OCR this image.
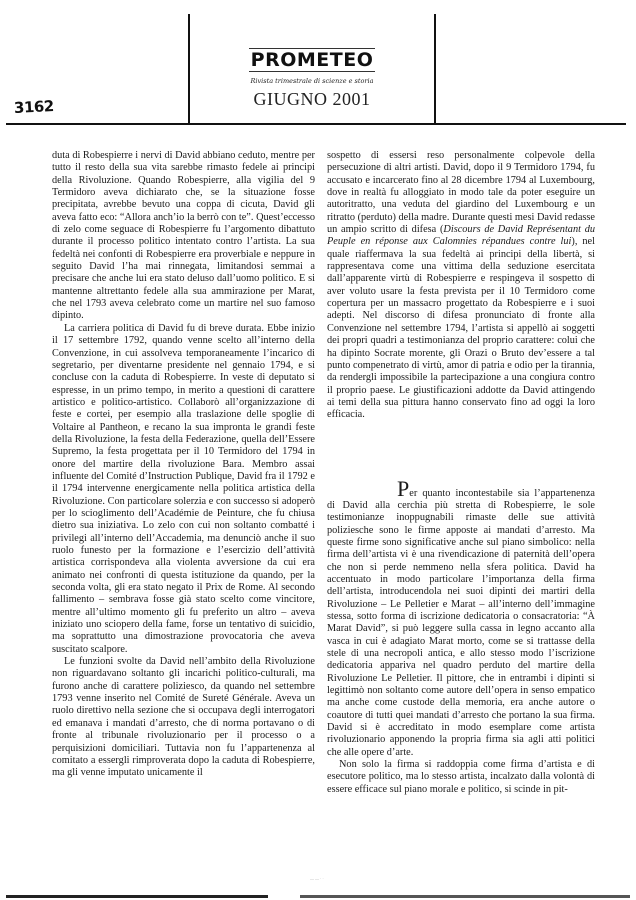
3162
PROMETEO
Rivista trimestrale di scienze e storia
GIUGNO 2001

duta di Robespierre i nervi di David abbiano ceduto, mentre per tutto il resto della sua vita sarebbe rimasto fedele ai principi della Rivoluzione. Quando Robespierre, alla vigilia del 9 Termidoro aveva dichiarato che, se la situazione fosse precipitata, avrebbe bevuto una coppa di cicuta, David gli aveva fatto eco: “Allora anch’io la berrò con te”. Quest’eccesso di zelo come seguace di Robespierre fu l’argomento dibattuto durante il processo politico intentato contro l’artista. La sua fedeltà nei confonti di Robespierre era proverbiale e neppure in seguito David l’ha mai rinnegata, limitandosi semmai a precisare che anche lui era stato deluso dall’uomo politico. E si mantenne altrettanto fedele alla sua ammirazione per Marat, che nel 1793 aveva celebrato come un martire nel suo famoso dipinto.

La carriera politica di David fu di breve durata. Ebbe inizio il 17 settembre 1792, quando venne scelto all’interno della Convenzione, in cui assolveva temporaneamente l’incarico di segretario, per diventarne presidente nel gennaio 1794, e si concluse con la caduta di Robespierre. In veste di deputato si espresse, in un primo tempo, in merito a questioni di carattere artistico e politico-artistico. Collaborò all’organizzazione di feste e cortei, per esempio alla traslazione delle spoglie di Voltaire al Pantheon, e recano la sua impronta le grandi feste della Rivoluzione, la festa della Federazione, quella dell’Essere Supremo, la festa progettata per il 10 Termidoro del 1794 in onore del martire della rivoluzione Bara. Membro assai influente del Comité d’Instruction Publique, David fra il 1792 e il 1794 intervenne energicamente nella politica artistica della Rivoluzione. Con particolare solerzia e con successo si adoperò per lo scioglimento dell’Académie de Peinture, che fu chiusa dietro sua iniziativa. Lo zelo con cui non soltanto combatté i privilegi all’interno dell’Accademia, ma denunciò anche il suo ruolo funesto per la formazione e l’esercizio dell’attività artistica corrispondeva alla violenta avversione da cui era animato nei confronti di questa istituzione da quando, per la seconda volta, gli era stato negato il Prix de Rome. Al secondo fallimento – sembrava fosse già stato scelto come vincitore, mentre all’ultimo momento gli fu preferito un altro – aveva iniziato uno sciopero della fame, forse un tentativo di suicidio, ma soprattutto una dimostrazione provocatoria che aveva suscitato scalpore.

Le funzioni svolte da David nell’ambito della Rivoluzione non riguardavano soltanto gli incarichi politico-culturali, ma furono anche di carattere poliziesco, da quando nel settembre 1793 venne inserito nel Comité de Sureté Générale. Aveva un ruolo direttivo nella sezione che si occupava degli interrogatori ed emanava i mandati d’arresto, che di norma portavano o di fronte al tribunale rivoluzionario per il processo o a perquisizioni domiciliari. Tuttavia non fu l’appartenenza al comitato a essergli rimproverata dopo la caduta di Robespierre, ma gli venne imputato unicamente il

sospetto di essersi reso personalmente colpevole della persecuzione di altri artisti. David, dopo il 9 Termidoro 1794, fu accusato e incarcerato fino al 28 dicembre 1794 al Luxembourg, dove in realtà fu alloggiato in modo tale da poter eseguire un autoritratto, una veduta del giardino del Luxembourg e un ritratto (perduto) della madre. Durante questi mesi David redasse un ampio scritto di difesa (Discours de David Représentant du Peuple en réponse aux Calomnies répandues contre lui), nel quale riaffermava la sua fedeltà ai principi della libertà, si rappresentava come una vittima della seduzione esercitata dall’apparente virtù di Robespierre e respingeva il sospetto di aver voluto usare la festa prevista per il 10 Termidoro come copertura per un massacro progettato da Robespierre e i suoi adepti. Nel discorso di difesa pronunciato di fronte alla Convenzione nel settembre 1794, l’artista si appellò ai soggetti dei propri quadri a testimonianza del proprio carattere: colui che ha dipinto Socrate morente, gli Orazi o Bruto dev’essere a tal punto compenetrato di virtù, amor di patria e odio per la tirannia, da rendergli impossibile la partecipazione a una congiura contro il proprio paese. Le giustificazioni addotte da David attingendo ai temi della sua pittura hanno conservato fino ad oggi la loro efficacia.

Per quanto incontestabile sia l’appartenenza di David alla cerchia più stretta di Robespierre, le sole testimonianze inoppugnabili rimaste delle sue attività poliziesche sono le firme apposte ai mandati d’arresto. Ma queste firme sono significative anche sul piano simbolico: nella firma dell’artista vi è una rivendicazione di paternità dell’opera che non si perde nemmeno nella sfera politica. David ha accentuato in modo particolare l’importanza della firma dell’artista, introducendola nei suoi dipinti dei martiri della Rivoluzione – Le Pelletier e Marat – all’interno dell’immagine stessa, sotto forma di iscrizione dedicatoria o consacratoria: “À Marat David”, si può leggere sulla cassa in legno accanto alla vasca in cui è adagiato Marat morto, come se si trattasse della stele di una necropoli antica, e allo stesso modo l’iscrizione dedicatoria appariva nel quadro perduto del martire della Rivoluzione Le Pelletier. Il pittore, che in entrambi i dipinti si legittimò non soltanto come autore dell’opera in senso empatico ma anche come custode della memoria, era anche autore o coautore di tutti quei mandati d’arresto che portano la sua firma. David si è accreditato in modo esemplare come artista rivoluzionario apponendo la propria firma sia agli atti politici che alle opere d’arte.

Non solo la firma si raddoppia come firma d’artista e di esecutore politico, ma lo stesso artista, incalzato dalla volontà di essere efficace sul piano morale e politico, si scinde in pit-

— — · ·
